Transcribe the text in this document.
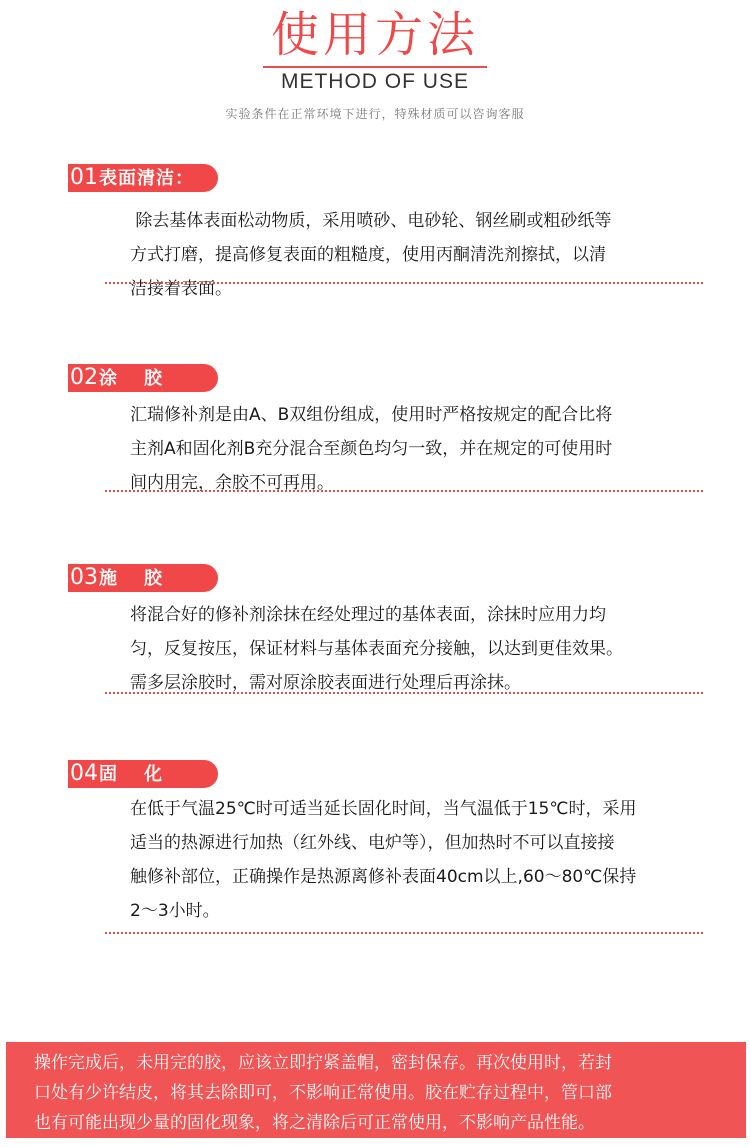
使用方法
METHOD OF USE
实验条件在正常环境下进行，特殊材质可以咨询客服
01表面清洁：
除去基体表面松动物质，采用喷砂、电砂轮、钢丝刷或粗砂纸等
方式打磨，提高修复表面的粗糙度，使用丙酮清洗剂擦拭，以清
洁接着表面。
02涂 胶
汇瑞修补剂是由A、B双组份组成，使用时严格按规定的配合比将
主剂A和固化剂B充分混合至颜色均匀一致，并在规定的可使用时
间内用完，余胶不可再用。
03施 胶
将混合好的修补剂涂抹在经处理过的基体表面，涂抹时应用力均
匀，反复按压，保证材料与基体表面充分接触，以达到更佳效果。
需多层涂胶时，需对原涂胶表面进行处理后再涂抹。
04固 化
在低于气温25℃时可适当延长固化时间，当气温低于15℃时，采用
适当的热源进行加热（红外线、电炉等），但加热时不可以直接接
触修补部位，正确操作是热源离修补表面40cm以上,60～80℃保持
2～3小时。
操作完成后，未用完的胶，应该立即拧紧盖帽，密封保存。再次使用时，若封
口处有少许结皮，将其去除即可，不影响正常使用。胶在贮存过程中，管口部
也有可能出现少量的固化现象，将之清除后可正常使用，不影响产品性能。
